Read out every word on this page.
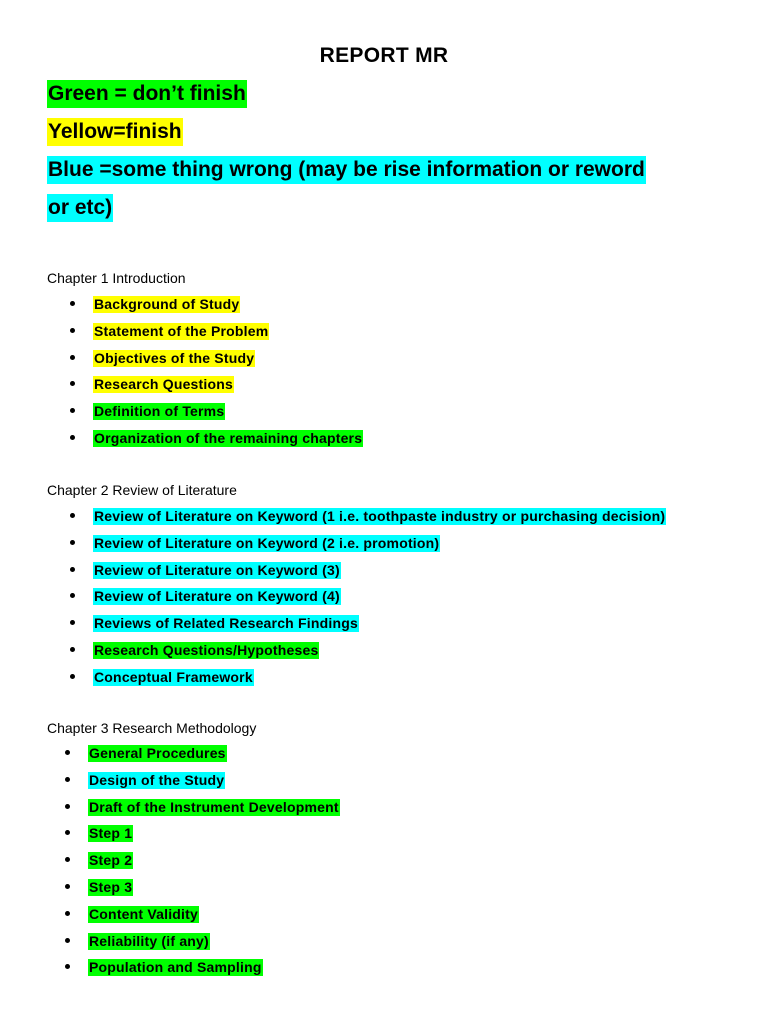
REPORT MR
Green = don’t finish
Yellow=finish
Blue =some thing wrong (may be rise information or reword
or etc)
Chapter 1 Introduction
Background of Study
Statement of the Problem
Objectives of the Study
Research Questions
Definition of Terms
Organization of the remaining chapters
Chapter 2 Review of Literature
Review of Literature on Keyword (1 i.e. toothpaste industry or purchasing decision)
Review of Literature on Keyword (2 i.e. promotion)
Review of Literature on Keyword (3)
Review of Literature on Keyword (4)
Reviews of Related Research Findings
Research Questions/Hypotheses
Conceptual Framework
Chapter 3 Research Methodology
General Procedures
Design of the Study
Draft of the Instrument Development
Step 1
Step 2
Step 3
Content Validity
Reliability (if any)
Population and Sampling
